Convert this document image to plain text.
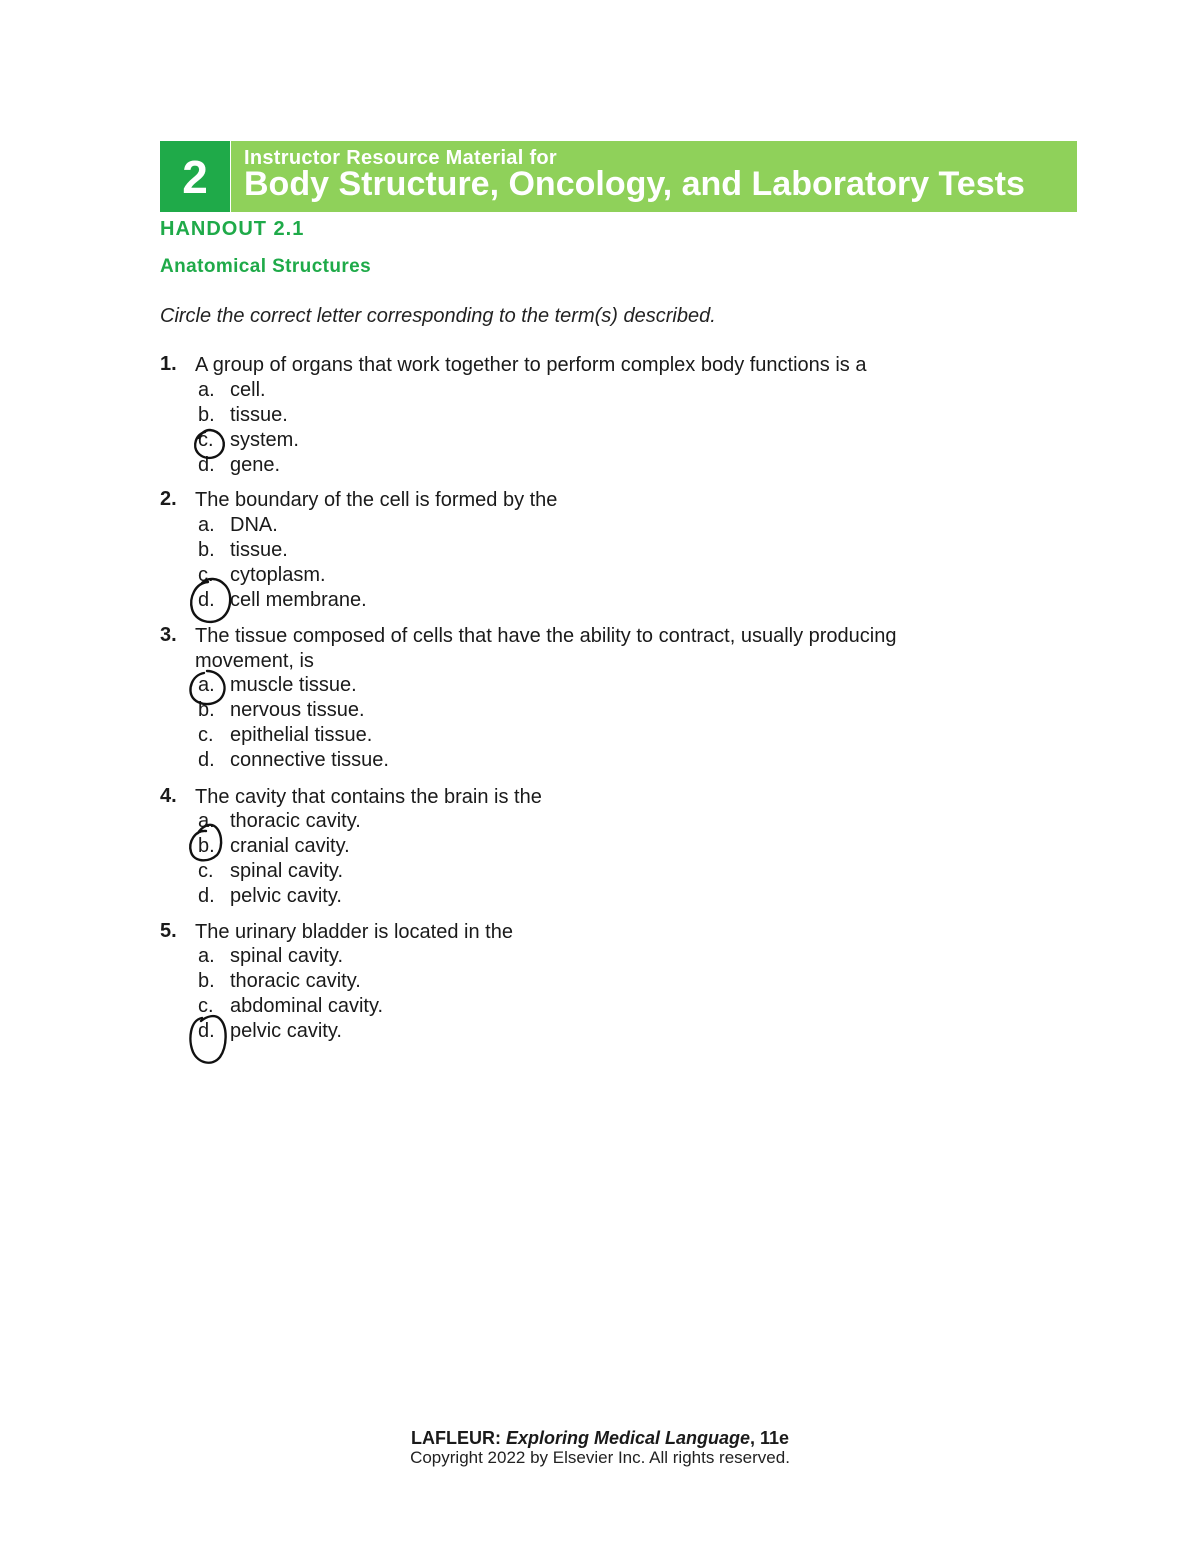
2	Instructor Resource Material for
Body Structure, Oncology, and Laboratory Tests
HANDOUT 2.1
Anatomical Structures
Circle the correct letter corresponding to the term(s) described.
1. A group of organs that work together to perform complex body functions is a
a. cell.
b. tissue.
c. system.
d. gene.
2. The boundary of the cell is formed by the
a. DNA.
b. tissue.
c. cytoplasm.
d. cell membrane.
3. The tissue composed of cells that have the ability to contract, usually producing movement, is
a. muscle tissue.
b. nervous tissue.
c. epithelial tissue.
d. connective tissue.
4. The cavity that contains the brain is the
a. thoracic cavity.
b. cranial cavity.
c. spinal cavity.
d. pelvic cavity.
5. The urinary bladder is located in the
a. spinal cavity.
b. thoracic cavity.
c. abdominal cavity.
d. pelvic cavity.
LAFLEUR: Exploring Medical Language, 11e
Copyright 2022 by Elsevier Inc. All rights reserved.
